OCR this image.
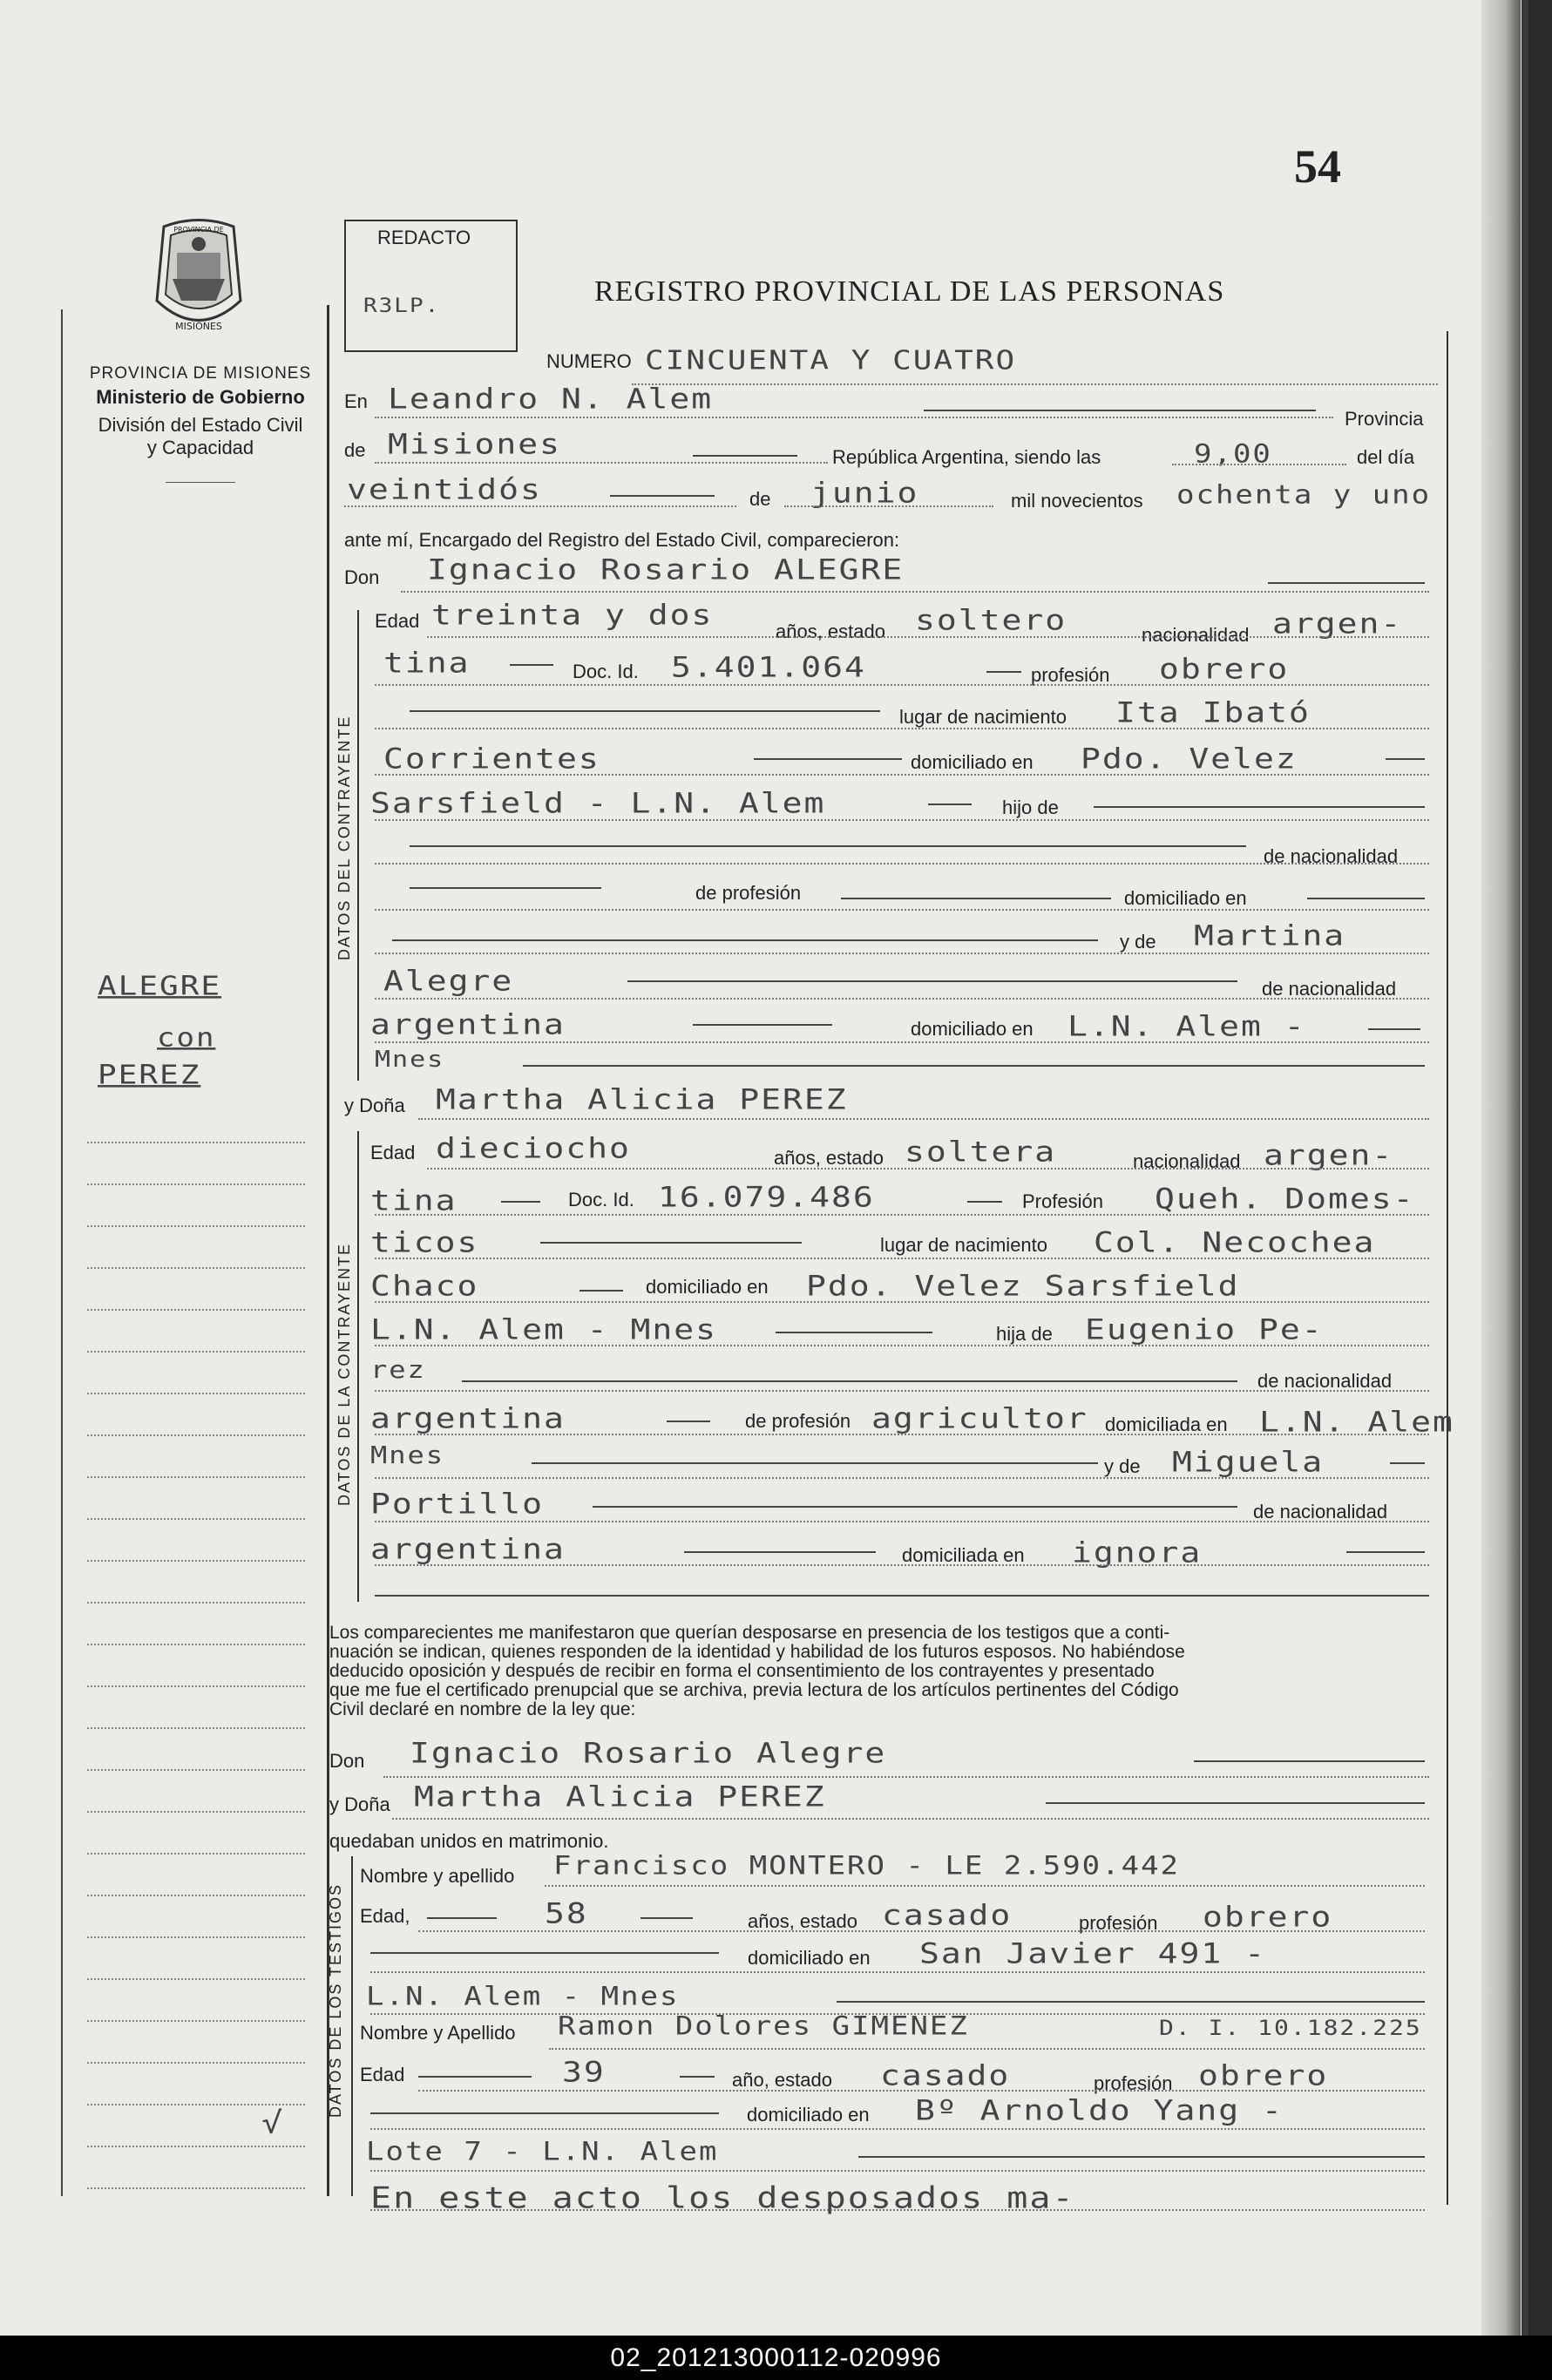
54
MISIONES
PROVINCIA DE
PROVINCIA DE MISIONES
Ministerio de Gobierno
División del Estado Civil
y Capacidad
ALEGRE
con
PEREZ
√
REDACTO
R3LP.	REGISTRO PROVINCIAL DE LAS PERSONAS
NUMERO CINCUENTA Y CUATRO
En Leandro N. Alem
Provincia
de Misiones	República Argentina, siendo las	9,00	del día
veintidós	de junio	mil novecientos ochenta y uno
ante mí, Encargado del Registro del Estado Civil, comparecieron:
Don Ignacio Rosario ALEGRE
DATOS DEL CONTRAYENTE
Edad treinta y dos
años, estado soltero	nacionalidad argen-
tina	Doc. Id. 5.401.064	profesión obrero
lugar de nacimiento Ita Ibató
Corrientes	domiciliado en Pdo. Velez
Sarsfield - L.N. Alem	hijo de
de nacionalidad
de profesión	domiciliado en
y de Martina
Alegre	de nacionalidad
argentina	domiciliado en L.N. Alem -
Mnes
y Doña Martha Alicia PEREZ
DATOS DE LA CONTRAYENTE
Edad dieciocho	años, estado soltera	nacionalidad argen-
tina	Doc. Id. 16.079.486	Profesión Queh. Domes-
ticos	lugar de nacimiento Col. Necochea
Chaco	domiciliado en Pdo. Velez Sarsfield
L.N. Alem - Mnes	hija de Eugenio Pe-
rez	de nacionalidad
argentina	de profesión agricultor domiciliada en L.N. Alem
Mnes	y de Miguela
Portillo	de nacionalidad
argentina	domiciliada en ignora
Los comparecientes me manifestaron que querían desposarse en presencia de los testigos que a conti-
nuación se indican, quienes responden de la identidad y habilidad de los futuros esposos. No habiéndose
deducido oposición y después de recibir en forma el consentimiento de los contrayentes y presentado
que me fue el certificado prenupcial que se archiva, previa lectura de los artículos pertinentes del Código
Civil declaré en nombre de la ley que:
Don Ignacio Rosario Alegre
y Doña Martha Alicia PEREZ
quedaban unidos en matrimonio.
DATOS DE LOS TESTIGOS
Nombre y apellido Francisco MONTERO - LE 2.590.442
Edad,	58	años, estado casado	profesión obrero
domiciliado en San Javier 491 -
L.N. Alem - Mnes
Nombre y Apellido Ramon Dolores GIMENEZ	D. I. 10.182.225
Edad	39	año, estado casado	profesión obrero
domiciliado en Bº Arnoldo Yang -
Lote 7 - L.N. Alem
En este acto los desposados ma-
02_201213000112-020996
